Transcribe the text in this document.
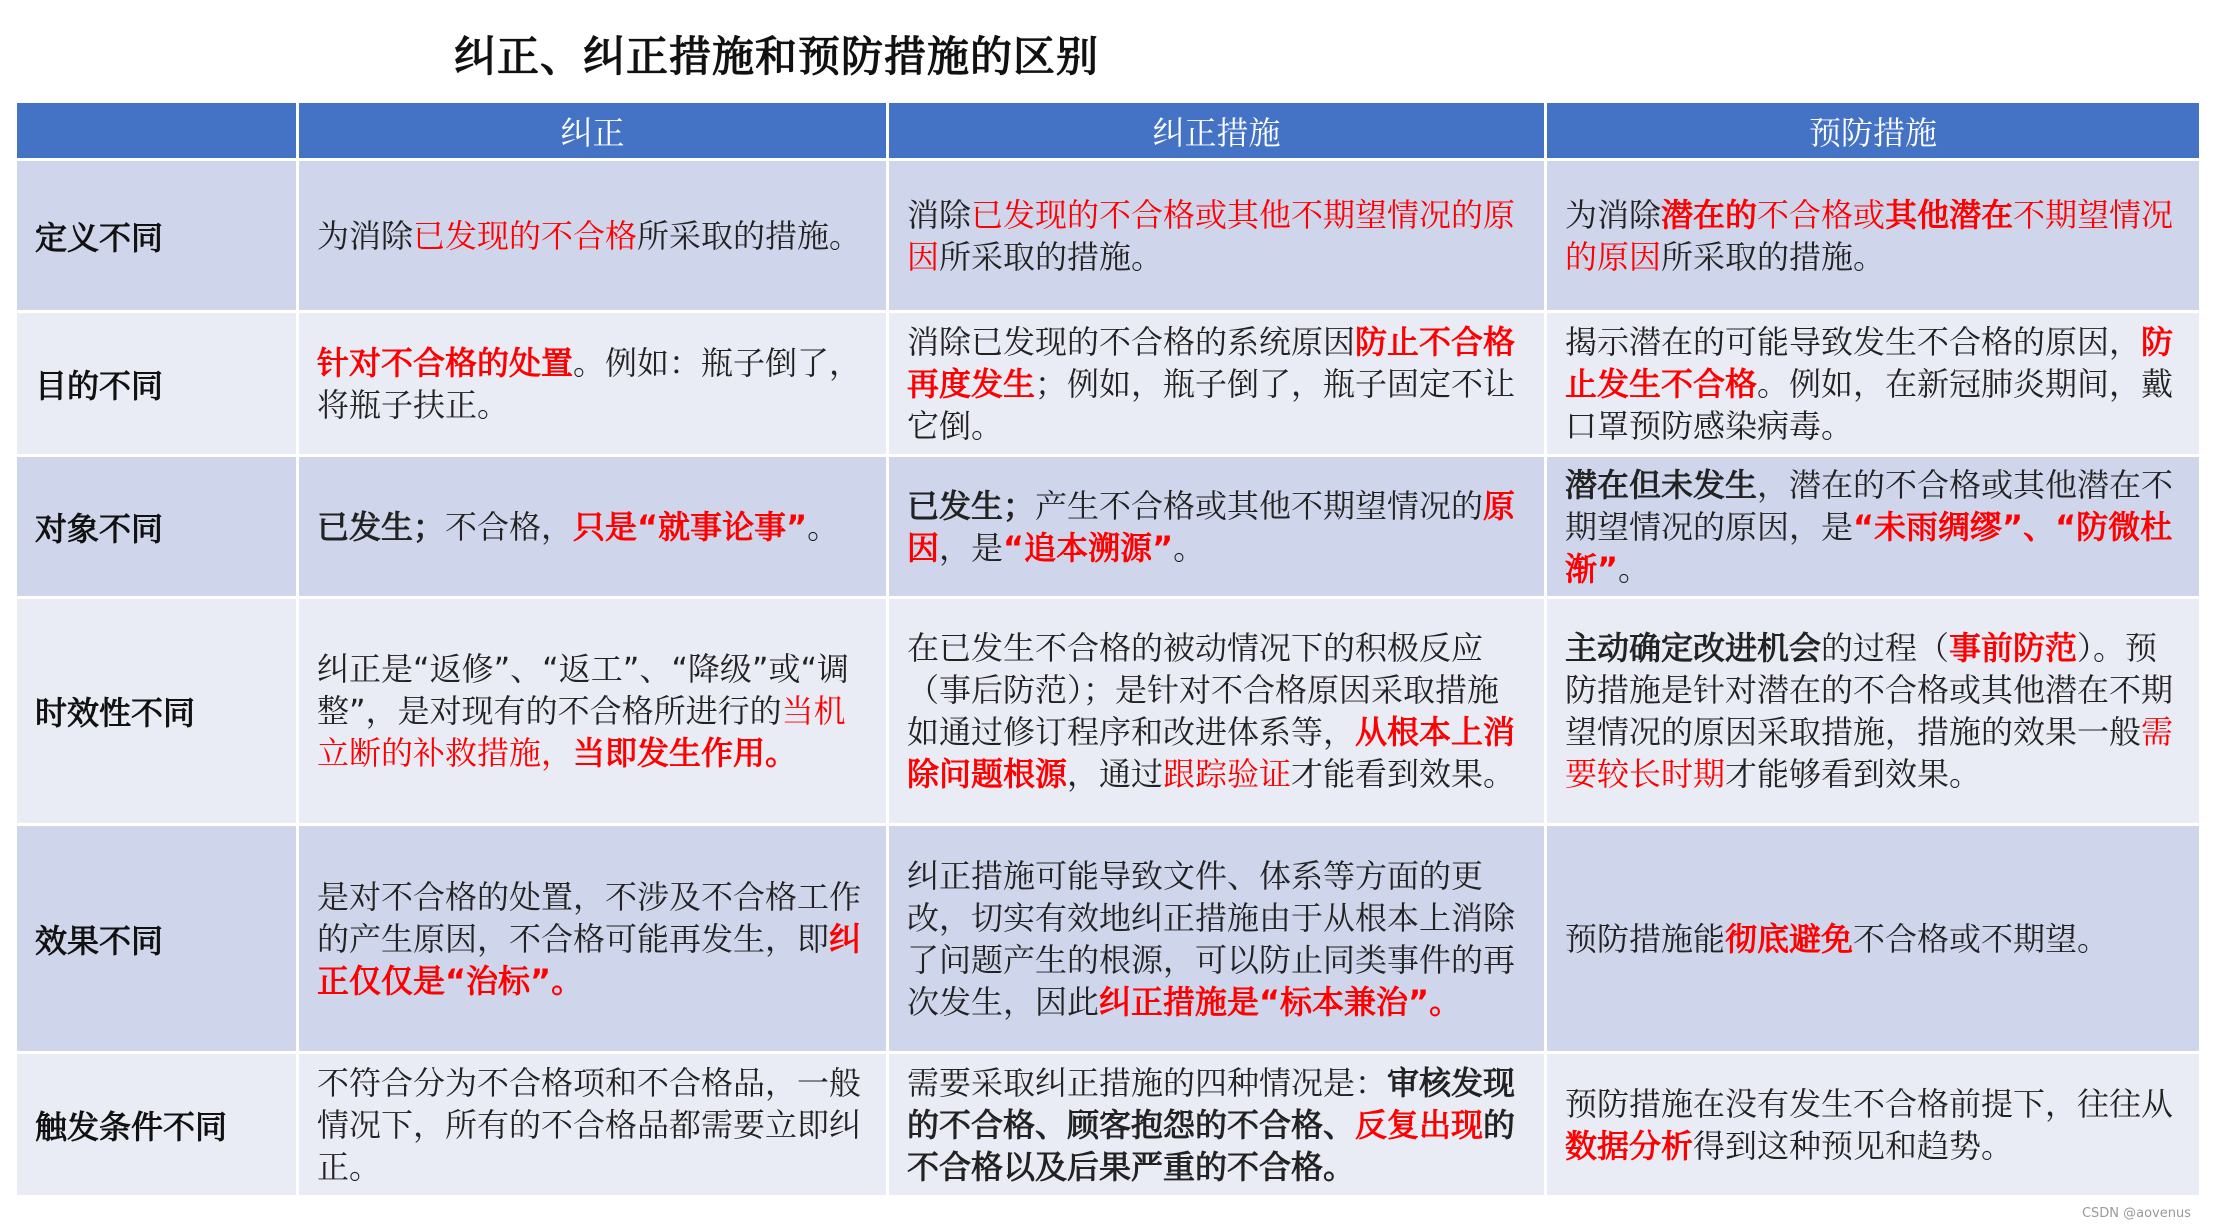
纠正、纠正措施和预防措施的区别
	纠正	纠正措施	预防措施
定义不同	为消除已发现的不合格所采取的措施。	消除已发现的不合格或其他不期望情况的原因所采取的措施。	为消除潜在的不合格或其他潜在不期望情况的原因所采取的措施。
目的不同	针对不合格的处置。例如：瓶子倒了，将瓶子扶正。	消除已发现的不合格的系统原因防止不合格再度发生；例如，瓶子倒了，瓶子固定不让它倒。	揭示潜在的可能导致发生不合格的原因，防止发生不合格。例如，在新冠肺炎期间，戴口罩预防感染病毒。
对象不同	已发生；不合格，只是“就事论事”。	已发生；产生不合格或其他不期望情况的原因，是“追本溯源”。	潜在但未发生，潜在的不合格或其他潜在不期望情况的原因，是“未雨绸缪”、“防微杜渐”。
时效性不同	纠正是“返修”、“返工”、“降级”或“调整”，是对现有的不合格所进行的当机立断的补救措施，当即发生作用。	在已发生不合格的被动情况下的积极反应（事后防范）；是针对不合格原因采取措施如通过修订程序和改进体系等，从根本上消除问题根源，通过跟踪验证才能看到效果。	主动确定改进机会的过程（事前防范）。预防措施是针对潜在的不合格或其他潜在不期望情况的原因采取措施，措施的效果一般需要较长时期才能够看到效果。
效果不同	是对不合格的处置，不涉及不合格工作的产生原因，不合格可能再发生，即纠正仅仅是“治标”。	纠正措施可能导致文件、体系等方面的更改，切实有效地纠正措施由于从根本上消除了问题产生的根源，可以防止同类事件的再次发生，因此纠正措施是“标本兼治”。	预防措施能彻底避免不合格或不期望。
触发条件不同	不符合分为不合格项和不合格品，一般情况下，所有的不合格品都需要立即纠正。	需要采取纠正措施的四种情况是：审核发现的不合格、顾客抱怨的不合格、反复出现的不合格以及后果严重的不合格。	预防措施在没有发生不合格前提下，往往从数据分析得到这种预见和趋势。
CSDN @aovenus
